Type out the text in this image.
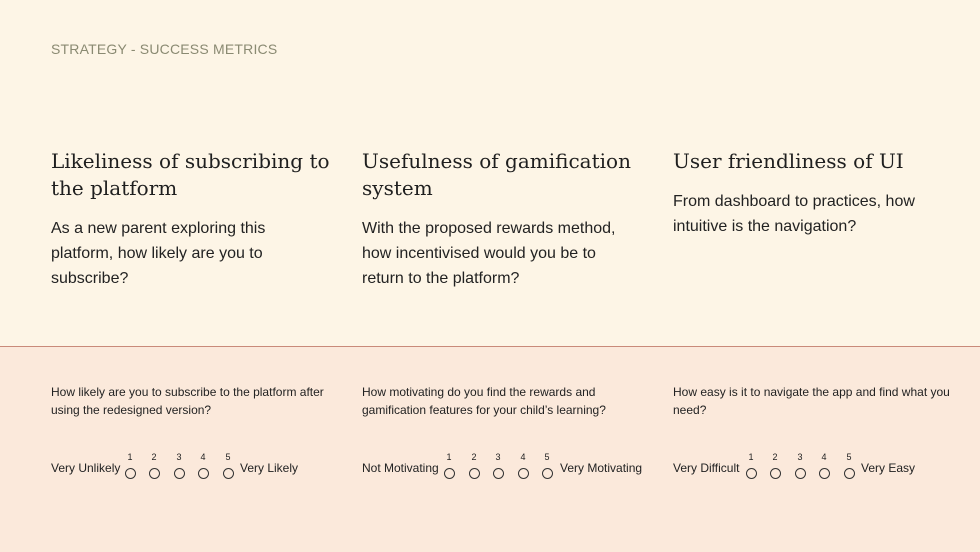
STRATEGY - SUCCESS METRICS
Likeliness of subscribing to the platform

As a new parent exploring this platform, how likely are you to subscribe?

Usefulness of gamification system

With the proposed rewards method, how incentivised would you be to return to the platform?

User friendliness of UI

From dashboard to practices, how intuitive is the navigation?

How likely are you to subscribe to the platform after using the redesigned version?
Very Unlikely
1	2	3	4	5
Very Likely
How motivating do you find the rewards and gamification features for your child’s learning?
Not Motivating
1	2	3	4	5
Very Motivating
How easy is it to navigate the app and find what you need?
Very Difficult
1	2	3	4	5
Very Easy
